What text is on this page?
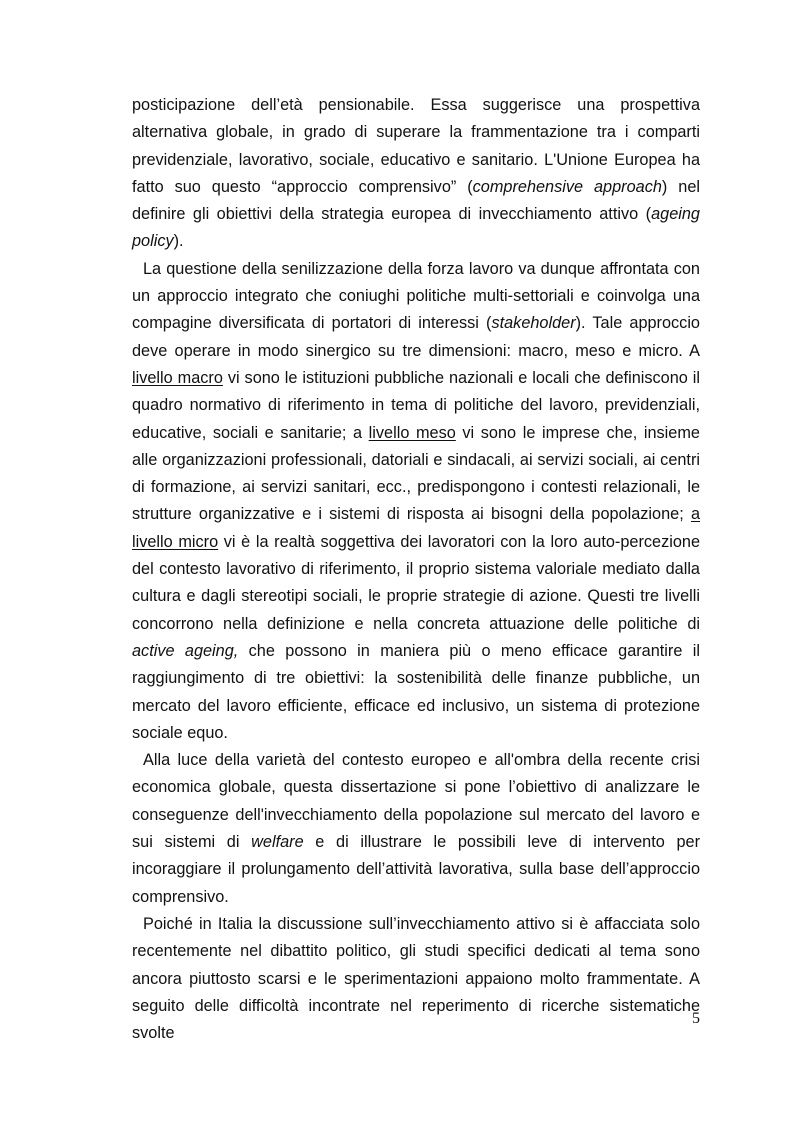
posticipazione dell’età pensionabile. Essa suggerisce una prospettiva alternativa globale, in grado di superare la frammentazione tra i comparti previdenziale, lavorativo, sociale, educativo e sanitario. L'Unione Europea ha fatto suo questo “approccio comprensivo” (comprehensive approach) nel definire gli obiettivi della strategia europea di invecchiamento attivo (ageing policy).

La questione della senilizzazione della forza lavoro va dunque affrontata con un approccio integrato che coniughi politiche multi-settoriali e coinvolga una compagine diversificata di portatori di interessi (stakeholder). Tale approccio deve operare in modo sinergico su tre dimensioni: macro, meso e micro. A livello macro vi sono le istituzioni pubbliche nazionali e locali che definiscono il quadro normativo di riferimento in tema di politiche del lavoro, previdenziali, educative, sociali e sanitarie; a livello meso vi sono le imprese che, insieme alle organizzazioni professionali, datoriali e sindacali, ai servizi sociali, ai centri di formazione, ai servizi sanitari, ecc., predispongono i contesti relazionali, le strutture organizzative e i sistemi di risposta ai bisogni della popolazione; a livello micro vi è la realtà soggettiva dei lavoratori con la loro auto-percezione del contesto lavorativo di riferimento, il proprio sistema valoriale mediato dalla cultura e dagli stereotipi sociali, le proprie strategie di azione. Questi tre livelli concorrono nella definizione e nella concreta attuazione delle politiche di active ageing, che possono in maniera più o meno efficace garantire il raggiungimento di tre obiettivi: la sostenibilità delle finanze pubbliche, un mercato del lavoro efficiente, efficace ed inclusivo, un sistema di protezione sociale equo.

Alla luce della varietà del contesto europeo e all'ombra della recente crisi economica globale, questa dissertazione si pone l’obiettivo di analizzare le conseguenze dell'invecchiamento della popolazione sul mercato del lavoro e sui sistemi di welfare e di illustrare le possibili leve di intervento per incoraggiare il prolungamento dell’attività lavorativa, sulla base dell’approccio comprensivo.

Poiché in Italia la discussione sull’invecchiamento attivo si è affacciata solo recentemente nel dibattito politico, gli studi specifici dedicati al tema sono ancora piuttosto scarsi e le sperimentazioni appaiono molto frammentate. A seguito delle difficoltà incontrate nel reperimento di ricerche sistematiche svolte

5
